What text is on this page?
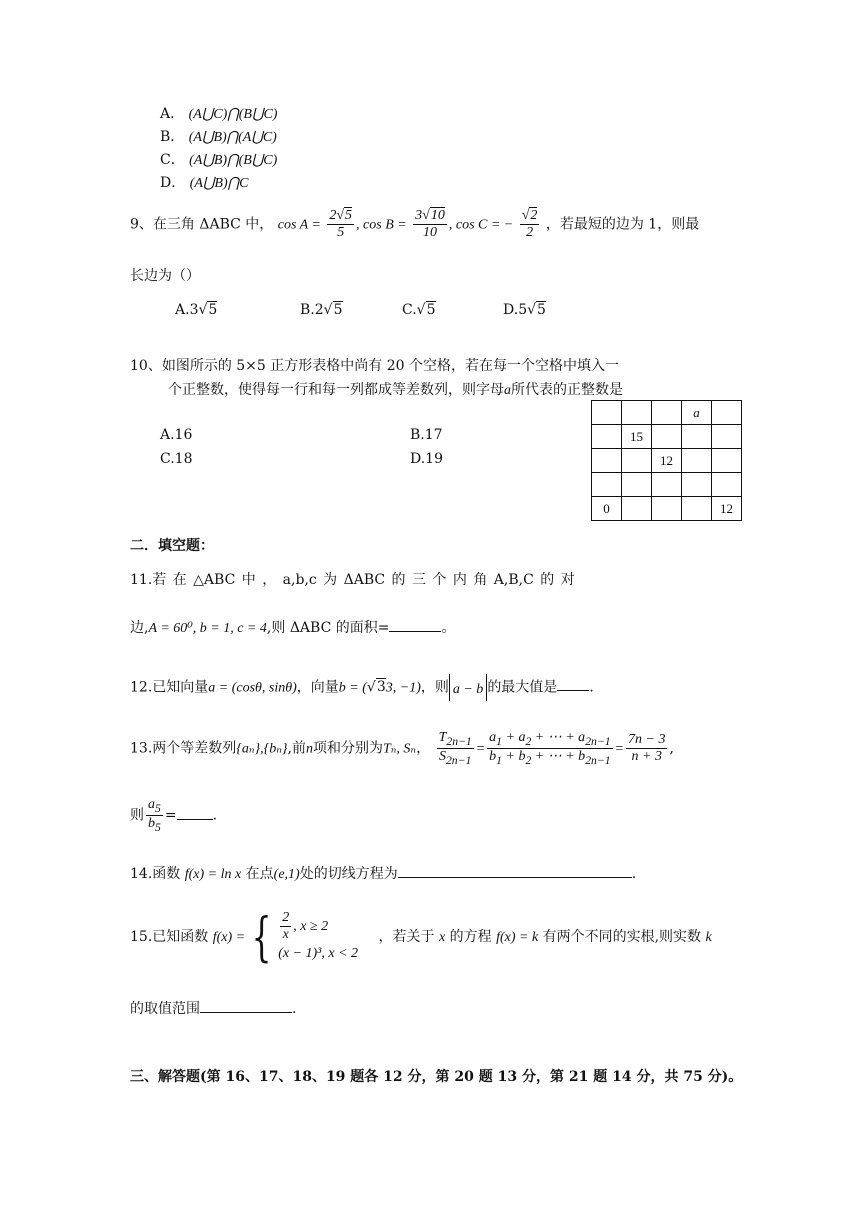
A． (A⋃C)⋂(B⋃C)
B． (A⋃B)⋂(A⋃C)
C． (A⋃B)⋂(B⋃C)
D． (A⋃B)⋂C
9、在三角 ΔABC 中， $\cos A = \frac{2√5}{5}$ , $\cos B = \frac{3√10}{10}$ , cos C = − $\frac{√2}{2}$ ，若最短的边为 1，则最
长边为（）
A.3√5	B.2√5	C.√5	D.5√5
10、如图所示的 5×5 正方形表格中尚有 20 个空格，若在每一个空格中填入一
个正整数，使得每一行和每一列都成等差数列，则字母a所代表的正整数是
A.16	B.17
C.18	D.19
			a	
	15			
		12		

0				12
二．填空题：
11.若 在 △ABC 中 ， a,b,c 为 ΔABC 的 三 个 内 角 A,B,C 的 对
边,A = 60⁰, b = 1, c = 4,则 ΔABC 的面积=	。
12.已知向量a = (cosθ, sinθ)，向量b = (√33, −1)，则 a − b 的最大值是 .
13.两个等差数列{aₙ},{bₙ},前n项和分别为Tₙ, Sₙ， $\frac{T_{2n-1}}{S_{2n-1}} = \frac{a_1 + a_2 + \cdots + a_{2n-1}}{b_1 + b_2 + \cdots + b_{2n-1}} = \frac{7n - 3}{n + 3}$ ,
则 $\frac{a_5}{b_5}$ =	.
14.函数 f(x) = ln x 在点(e,1)处的切线方程为	.
15.已知函数 f(x) = { $\frac{2}{x}$ , x ≥ 2
(x − 1)³, x < 2
，若关于 x 的方程 f(x) = k 有两个不同的实根,则实数 k
的取值范围	.
三、解答题(第 16、17、18、19 题各 12 分，第 20 题 13 分，第 21 题 14 分，共 75 分)。
